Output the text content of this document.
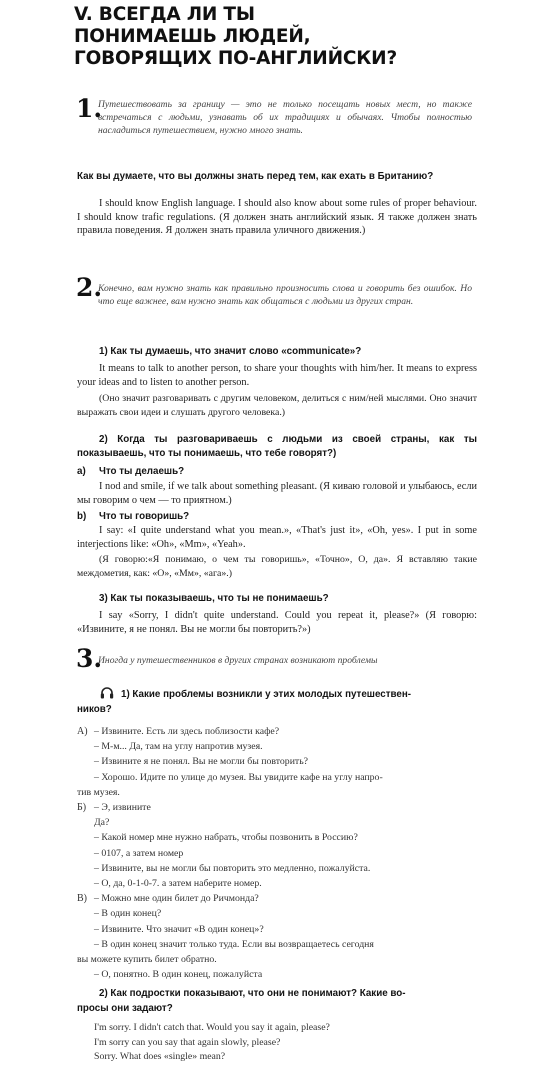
V. ВСЕГДА ЛИ ТЫ
ПОНИМАЕШЬ ЛЮДЕЙ,
ГОВОРЯЩИХ ПО-АНГЛИЙСКИ?
1.
Путешествовать за границу — это не только посещать новых мест, но также встречаться с людьми, узнавать об их традициях и обычаях. Чтобы полностью насладиться путешествием, нужно много знать.
Как вы думаете, что вы должны знать перед тем, как ехать в Британию?
I should know English language. I should also know about some rules of proper behaviour. I should know trafic regulations. (Я должен знать английский язык. Я также должен знать правила поведения. Я должен знать правила уличного движения.)
2.
Конечно, вам нужно знать как правильно произносить слова и говорить без ошибок. Но что еще важнее, вам нужно знать как общаться с людьми из других стран.
1) Как ты думаешь, что значит слово «communicate»?
It means to talk to another person, to share your thoughts with him/her. It means to express your ideas and to listen to another person.
(Оно значит разговаривать с другим человеком, делиться с ним/ней мыслями. Оно значит выражать свои идеи и слушать другого человека.)
2) Когда ты разговариваешь с людьми из своей страны, как ты показываешь, что ты понимаешь, что тебе говорят?)
a) Что ты делаешь?
I nod and smile, if we talk about something pleasant. (Я киваю головой и улыбаюсь, если мы говорим о чем — то приятном.)
b) Что ты говоришь?
I say: «I quite understand what you mean.», «That's just it», «Oh, yes». I put in some interjections like: «Oh», «Mm», «Yeah».
(Я говорю:«Я понимаю, о чем ты говоришь», «Точно», О, да». Я вставляю такие междометия, как: «О», «Мм», «ага».)
3) Как ты показываешь, что ты не понимаешь?
I say «Sorry, I didn't quite understand. Could you repeat it, please?» (Я говорю: «Извините, я не понял. Вы не могли бы повторить?»)
3.
Иногда у путешественников в других странах возникают проблемы
1) Какие проблемы возникли у этих молодых путешествен-
ников?
А) – Извините. Есть ли здесь поблизости кафе?
– М-м... Да, там на углу напротив музея.
– Извините я не понял. Вы не могли бы повторить?
– Хорошо. Идите по улице до музея. Вы увидите кафе на углу напро-
тив музея.
Б) – Э, извините
Да?
– Какой номер мне нужно набрать, чтобы позвонить в Россию?
– 0107, а затем номер
– Извините, вы не могли бы повторить это медленно, пожалуйста.
– О, да, 0-1-0-7. а затем наберите номер.
В) – Можно мне один билет до Ричмонда?
– В один конец?
– Извините. Что значит «В один конец»?
– В один конец значит только туда. Если вы возвращаетесь сегодня
вы можете купить билет обратно.
– О, понятно. В один конец, пожалуйста
2) Как подростки показывают, что они не понимают? Какие во-
просы они задают?
I'm sorry. I didn't catch that. Would you say it again, please?
I'm sorry can you say that again slowly, please?
Sorry. What does «single» mean?
